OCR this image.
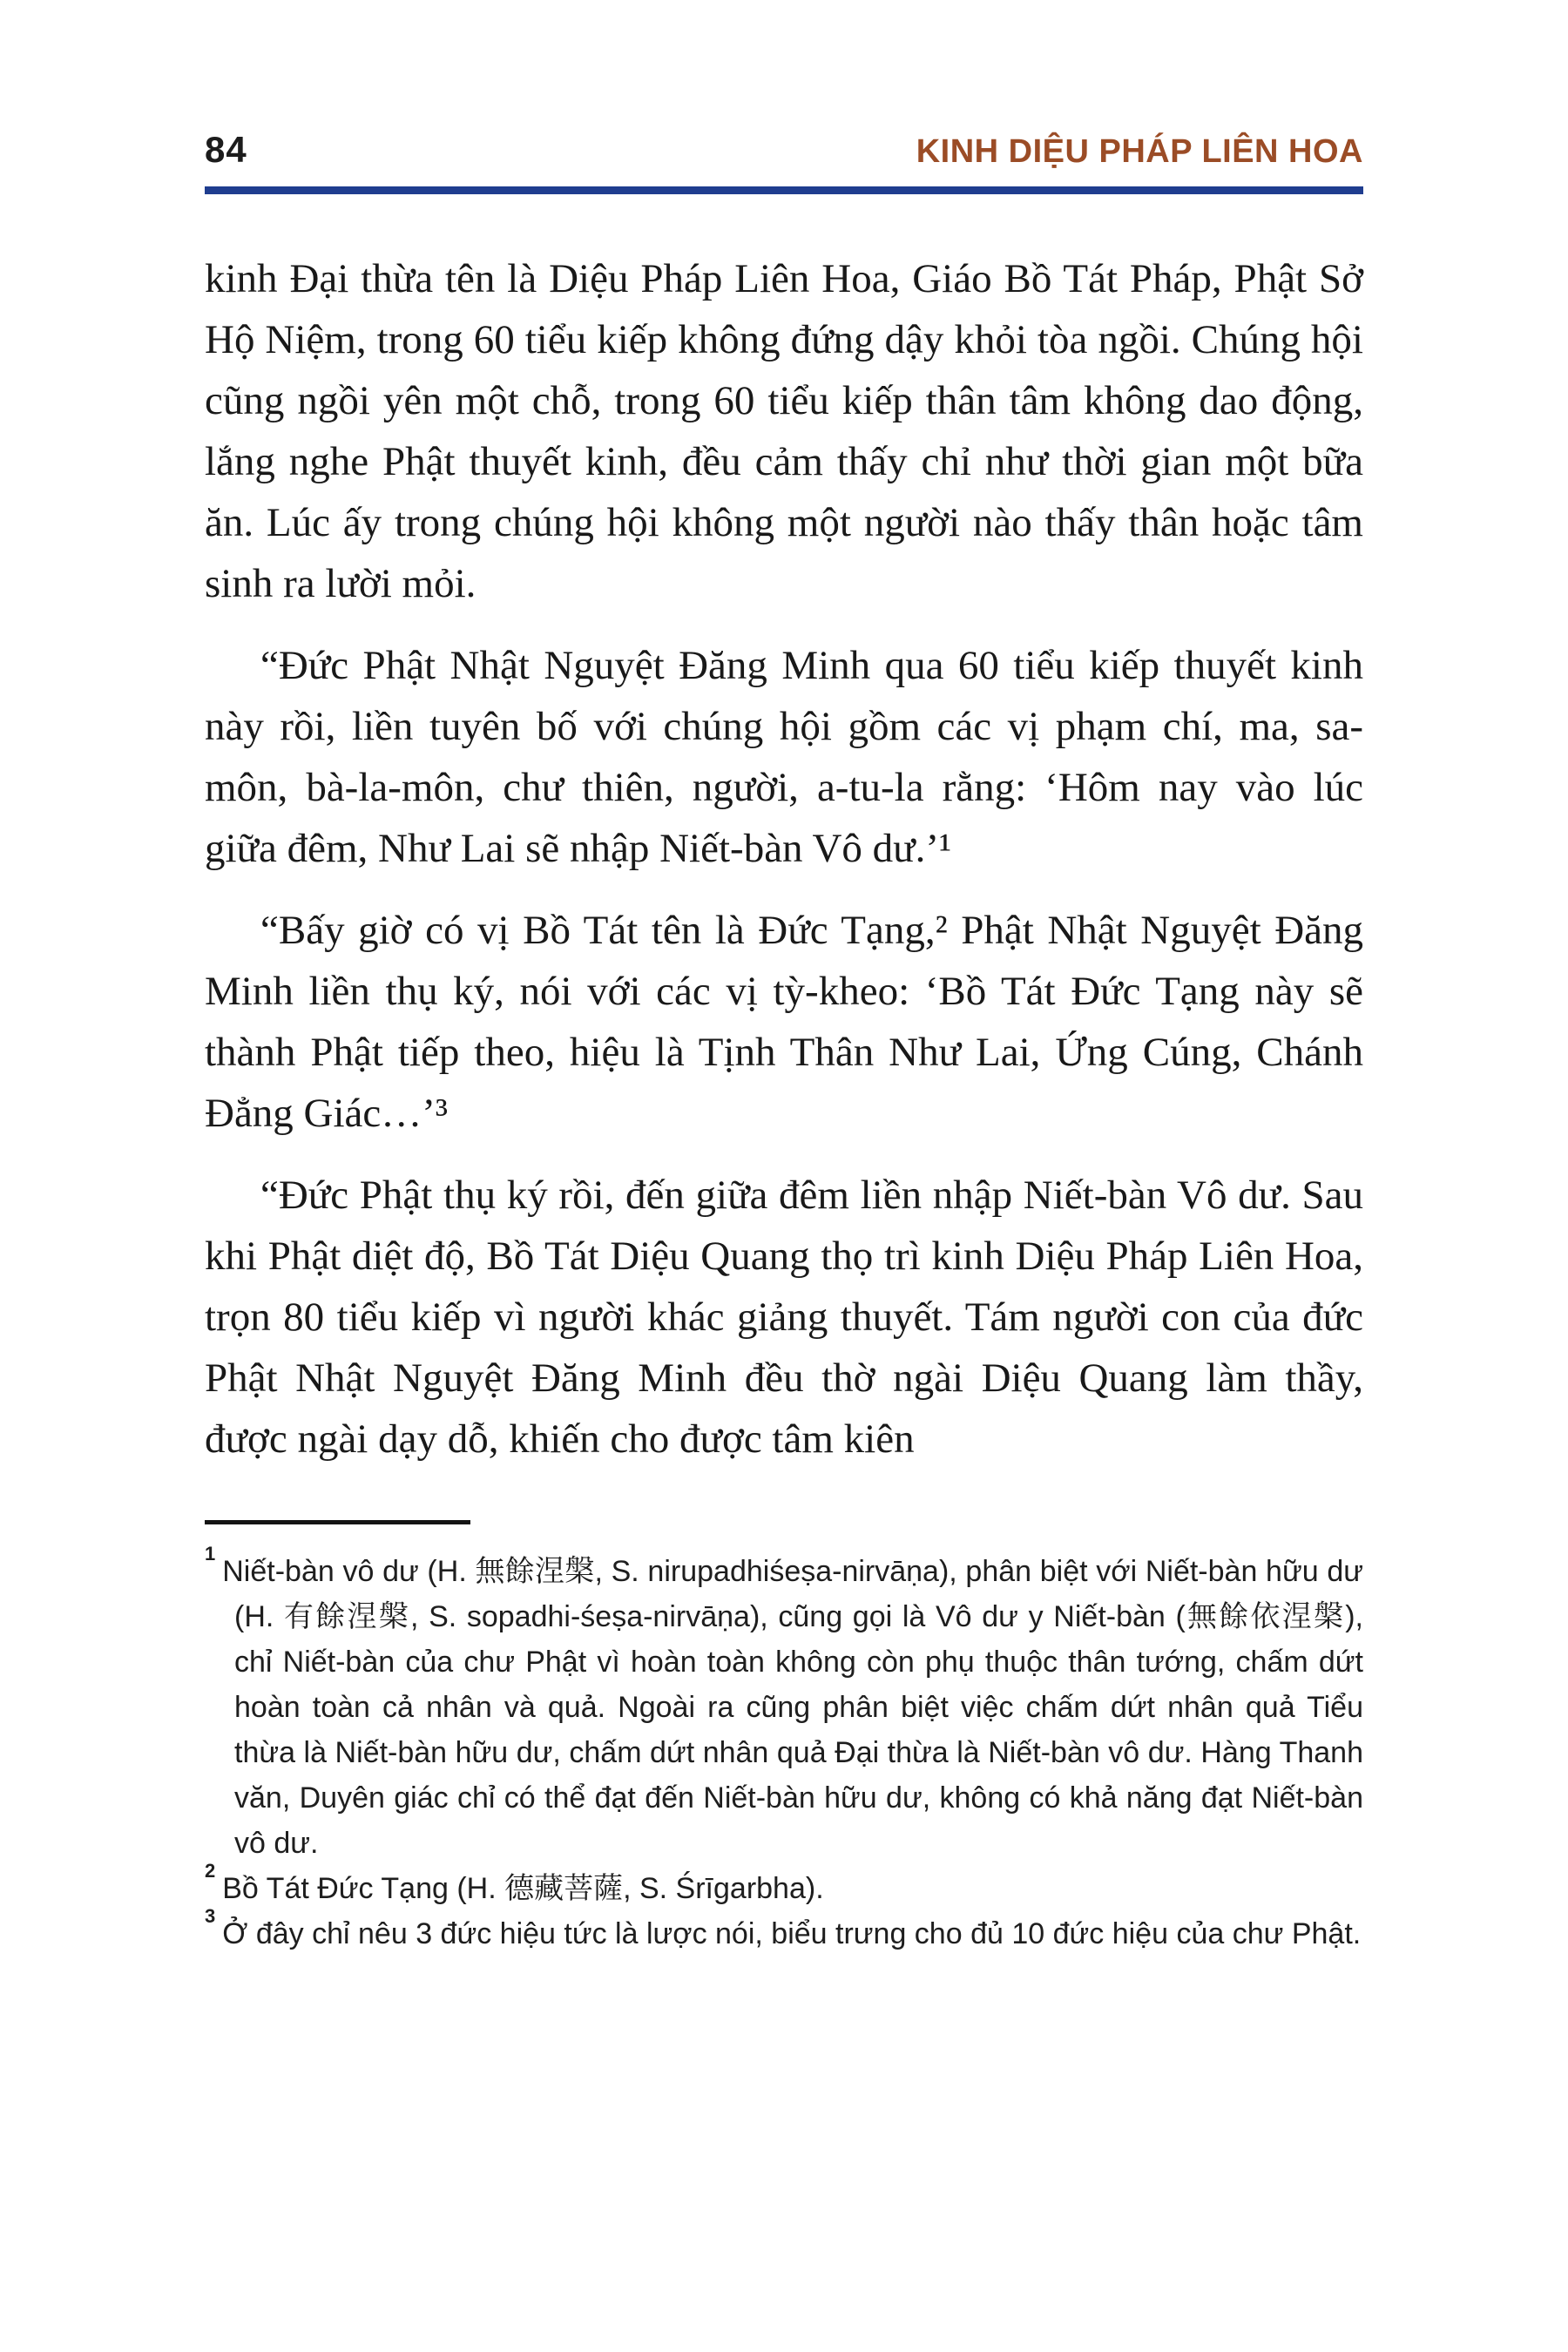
84	KINH DIỆU PHÁP LIÊN HOA

kinh Đại thừa tên là Diệu Pháp Liên Hoa, Giáo Bồ Tát Pháp, Phật Sở Hộ Niệm, trong 60 tiểu kiếp không đứng dậy khỏi tòa ngồi. Chúng hội cũng ngồi yên một chỗ, trong 60 tiểu kiếp thân tâm không dao động, lắng nghe Phật thuyết kinh, đều cảm thấy chỉ như thời gian một bữa ăn. Lúc ấy trong chúng hội không một người nào thấy thân hoặc tâm sinh ra lười mỏi.

“Đức Phật Nhật Nguyệt Đăng Minh qua 60 tiểu kiếp thuyết kinh này rồi, liền tuyên bố với chúng hội gồm các vị phạm chí, ma, sa-môn, bà-la-môn, chư thiên, người, a-tu-la rằng: ‘Hôm nay vào lúc giữa đêm, Như Lai sẽ nhập Niết-bàn Vô dư.’¹

“Bấy giờ có vị Bồ Tát tên là Đức Tạng,² Phật Nhật Nguyệt Đăng Minh liền thụ ký, nói với các vị tỳ-kheo: ‘Bồ Tát Đức Tạng này sẽ thành Phật tiếp theo, hiệu là Tịnh Thân Như Lai, Ứng Cúng, Chánh Đẳng Giác…’³

“Đức Phật thụ ký rồi, đến giữa đêm liền nhập Niết-bàn Vô dư. Sau khi Phật diệt độ, Bồ Tát Diệu Quang thọ trì kinh Diệu Pháp Liên Hoa, trọn 80 tiểu kiếp vì người khác giảng thuyết. Tám người con của đức Phật Nhật Nguyệt Đăng Minh đều thờ ngài Diệu Quang làm thầy, được ngài dạy dỗ, khiến cho được tâm kiên

$^1$Niết-bàn vô dư (H. 無餘涅槃, S. nirupadhiśeṣa-nirvāṇa), phân biệt với Niết-bàn hữu dư (H. 有餘涅槃, S. sopadhi-śeṣa-nirvāṇa), cũng gọi là Vô dư y Niết-bàn (無餘依涅槃), chỉ Niết-bàn của chư Phật vì hoàn toàn không còn phụ thuộc thân tướng, chấm dứt hoàn toàn cả nhân và quả. Ngoài ra cũng phân biệt việc chấm dứt nhân quả Tiểu thừa là Niết-bàn hữu dư, chấm dứt nhân quả Đại thừa là Niết-bàn vô dư. Hàng Thanh văn, Duyên giác chỉ có thể đạt đến Niết-bàn hữu dư, không có khả năng đạt Niết-bàn vô dư.

$^2$Bồ Tát Đức Tạng (H. 德藏菩薩, S. Śrīgarbha).

$^3$Ở đây chỉ nêu 3 đức hiệu tức là lược nói, biểu trưng cho đủ 10 đức hiệu của chư Phật.
